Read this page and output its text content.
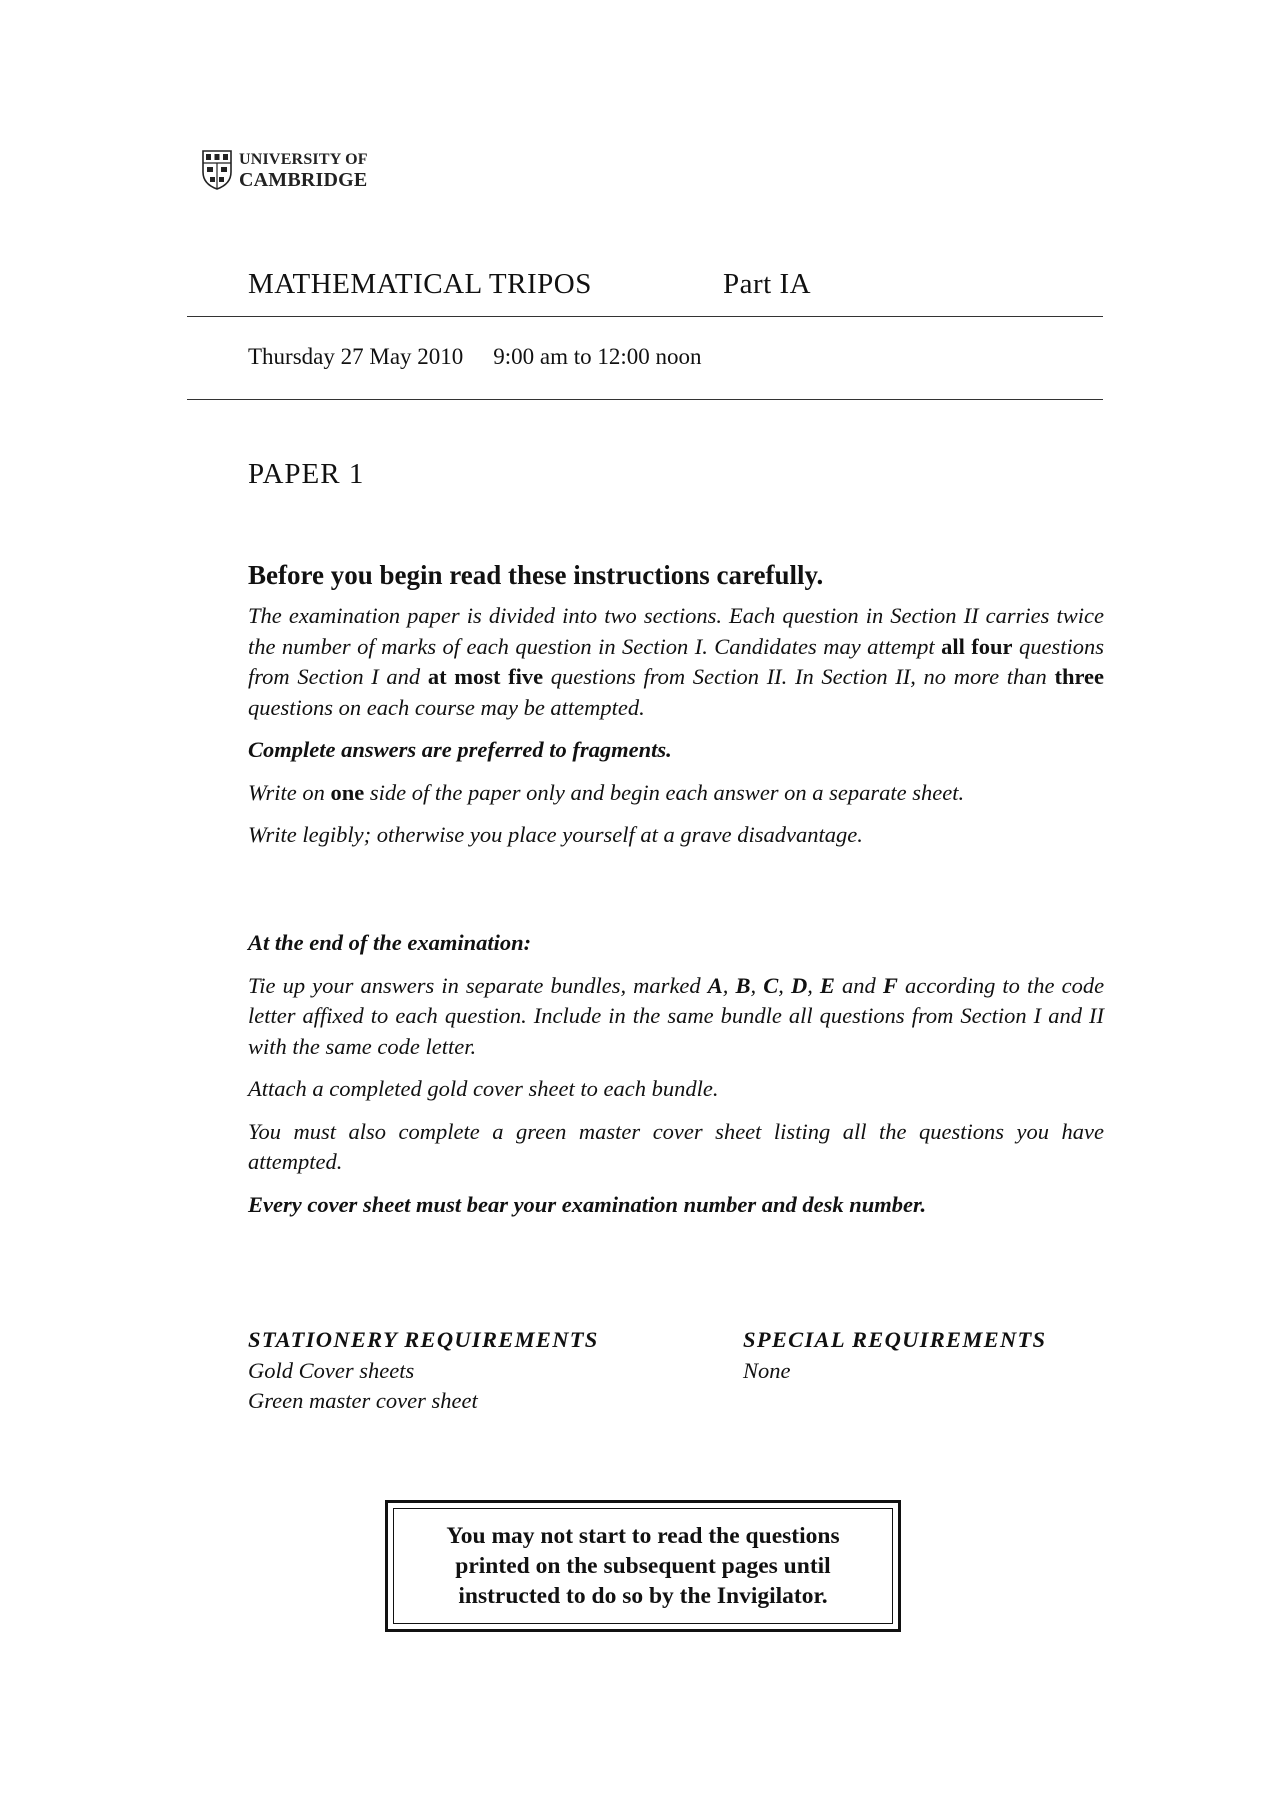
UNIVERSITY OF
CAMBRIDGE
MATHEMATICAL TRIPOS	Part IA
Thursday 27 May 2010 9:00 am to 12:00 noon
PAPER 1
Before you begin read these instructions carefully.

The examination paper is divided into two sections. Each question in Section II carries twice the number of marks of each question in Section I. Candidates may attempt all four questions from Section I and at most five questions from Section II. In Section II, no more than three questions on each course may be attempted.

Complete answers are preferred to fragments.

Write on one side of the paper only and begin each answer on a separate sheet.

Write legibly; otherwise you place yourself at a grave disadvantage.

At the end of the examination:

Tie up your answers in separate bundles, marked A, B, C, D, E and F according to the code letter affixed to each question. Include in the same bundle all questions from Section I and II with the same code letter.

Attach a completed gold cover sheet to each bundle.

You must also complete a green master cover sheet listing all the questions you have attempted.

Every cover sheet must bear your examination number and desk number.

STATIONERY REQUIREMENTS
Gold Cover sheets
Green master cover sheet
SPECIAL REQUIREMENTS
None
You may not start to read the questions
printed on the subsequent pages until
instructed to do so by the Invigilator.
